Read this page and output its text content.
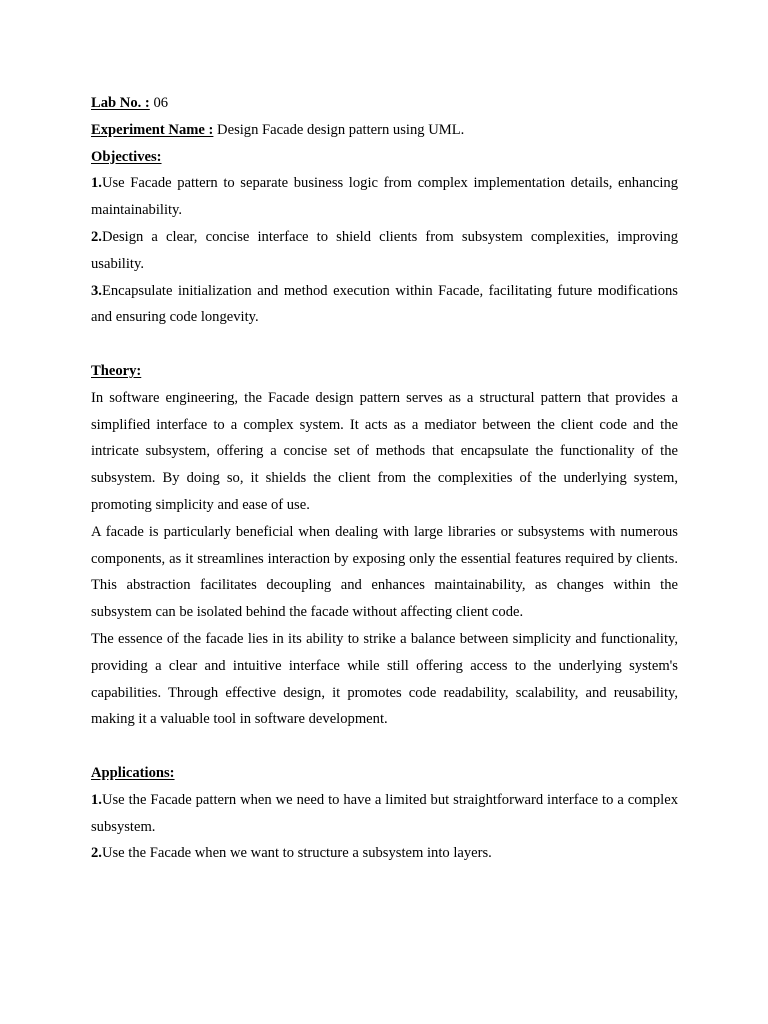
Lab No. : 06

Experiment Name : Design Facade design pattern using UML.

Objectives:

1.Use Facade pattern to separate business logic from complex implementation details, enhancing maintainability.

2.Design a clear, concise interface to shield clients from subsystem complexities, improving usability.

3.Encapsulate initialization and method execution within Facade, facilitating future modifications and ensuring code longevity.

Theory:

In software engineering, the Facade design pattern serves as a structural pattern that provides a simplified interface to a complex system. It acts as a mediator between the client code and the intricate subsystem, offering a concise set of methods that encapsulate the functionality of the subsystem. By doing so, it shields the client from the complexities of the underlying system, promoting simplicity and ease of use.

A facade is particularly beneficial when dealing with large libraries or subsystems with numerous components, as it streamlines interaction by exposing only the essential features required by clients. This abstraction facilitates decoupling and enhances maintainability, as changes within the subsystem can be isolated behind the facade without affecting client code.

The essence of the facade lies in its ability to strike a balance between simplicity and functionality, providing a clear and intuitive interface while still offering access to the underlying system's capabilities. Through effective design, it promotes code readability, scalability, and reusability, making it a valuable tool in software development.

Applications:

1.Use the Facade pattern when we need to have a limited but straightforward interface to a complex subsystem.

2.Use the Facade when we want to structure a subsystem into layers.
